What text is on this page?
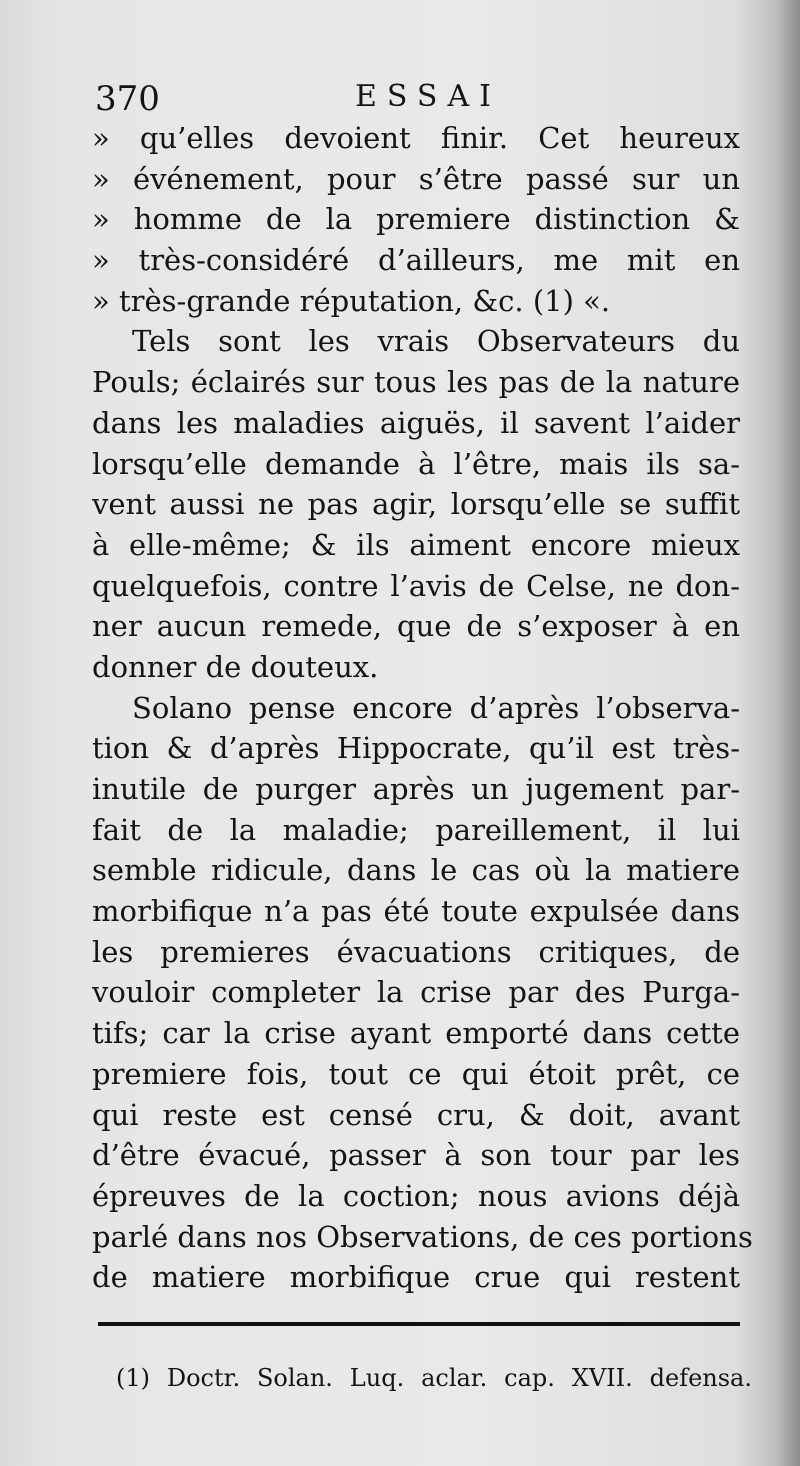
370	ESSAI
» qu’elles devoient finir. Cet heureux
» événement, pour s’être passé sur un
» homme de la premiere distinction &
» très-considéré d’ailleurs, me mit en
» très-grande réputation, &c. (1) «.
Tels sont les vrais Observateurs du
Pouls; éclairés sur tous les pas de la nature
dans les maladies aiguës, il savent l’aider
lorsqu’elle demande à l’être, mais ils sa-
vent aussi ne pas agir, lorsqu’elle se suffit
à elle-même; & ils aiment encore mieux
quelquefois, contre l’avis de Celse, ne don-
ner aucun remede, que de s’exposer à en
donner de douteux.
Solano pense encore d’après l’observa-
tion & d’après Hippocrate, qu’il est très-
inutile de purger après un jugement par-
fait de la maladie; pareillement, il lui
semble ridicule, dans le cas où la matiere
morbifique n’a pas été toute expulsée dans
les premieres évacuations critiques, de
vouloir completer la crise par des Purga-
tifs; car la crise ayant emporté dans cette
premiere fois, tout ce qui étoit prêt, ce
qui reste est censé cru, & doit, avant
d’être évacué, passer à son tour par les
épreuves de la coction; nous avions déjà
parlé dans nos Observations, de ces portions
de matiere morbifique crue qui restent
(1) Doctr. Solan. Luq. aclar. cap. XVII. defensa.
